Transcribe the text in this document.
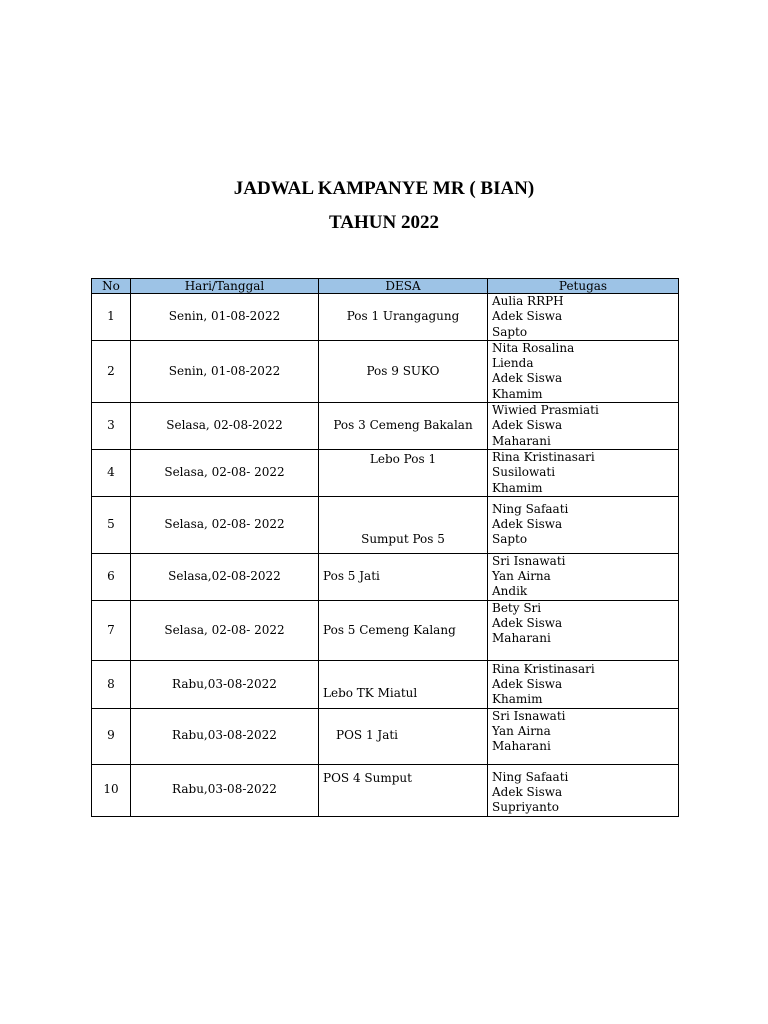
JADWAL KAMPANYE MR ( BIAN)
TAHUN 2022
No	Hari/Tanggal	DESA	Petugas
1	Senin, 01-08-2022	Pos 1 Urangagung	Aulia RRPH
Adek Siswa
Sapto

2	Senin, 01-08-2022	Pos 9 SUKO	Nita Rosalina
Lienda
Adek Siswa
Khamim

3	Selasa, 02-08-2022	Pos 3 Cemeng Bakalan	Wiwied Prasmiati
Adek Siswa
Maharani

4	Selasa, 02-08- 2022	Lebo Pos 1	Rina Kristinasari
Susilowati
Khamim

5	Selasa, 02-08- 2022	Sumput Pos 5	Ning Safaati
Adek Siswa
Sapto

6	Selasa,02-08-2022	Pos 5 Jati	Sri Isnawati
Yan Airna
Andik

7	Selasa, 02-08- 2022	Pos 5 Cemeng Kalang	Bety Sri
Adek Siswa
Maharani

8	Rabu,03-08-2022	Lebo TK Miatul	Rina Kristinasari
Adek Siswa
Khamim

9	Rabu,03-08-2022	POS 1 Jati	Sri Isnawati
Yan Airna
Maharani

10	Rabu,03-08-2022	POS 4 Sumput	Ning Safaati
Adek Siswa
Supriyanto
